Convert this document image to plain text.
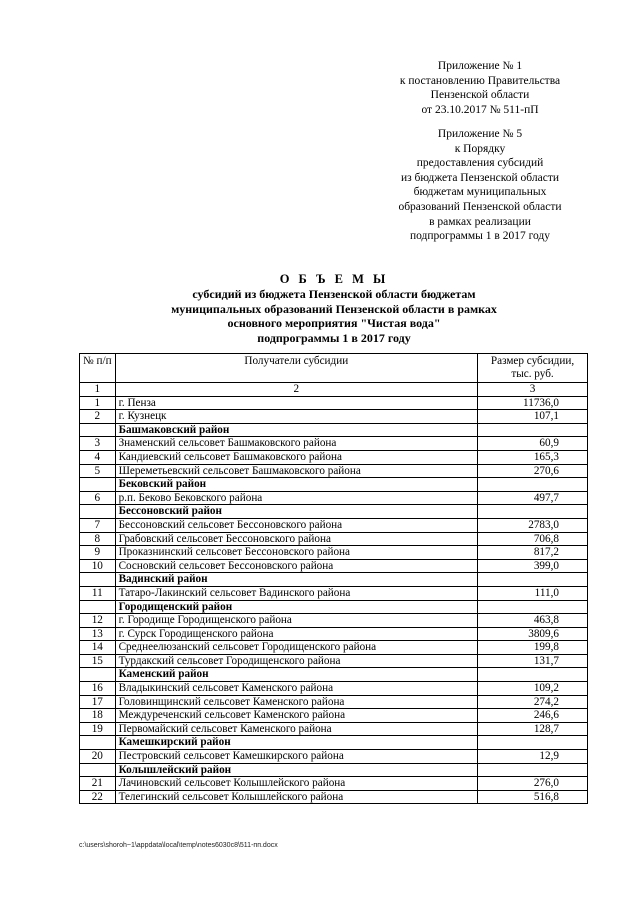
Приложение № 1
к постановлению Правительства
Пензенской области
от 23.10.2017 № 511-пП
Приложение № 5
к Порядку
предоставления субсидий
из бюджета Пензенской области
бюджетам муниципальных
образований Пензенской области
в рамках реализации
подпрограммы 1 в 2017 году
О Б Ъ Е М Ы
субсидий из бюджета Пензенской области бюджетам
муниципальных образований Пензенской области в рамках
основного мероприятия "Чистая вода"
подпрограммы 1 в 2017 году
№ п/п	Получатели субсидии	Размер субсидии, тыс. руб.
1	2	3
1	г. Пенза	11736,0
2	г. Кузнецк	107,1
	Башмаковский район	
3	Знаменский сельсовет Башмаковского района	60,9
4	Кандиевский сельсовет Башмаковского района	165,3
5	Шереметьевский сельсовет Башмаковского района	270,6
	Бековский район	
6	р.п. Беково Бековского района	497,7
	Бессоновский район	
7	Бессоновский сельсовет Бессоновского района	2783,0
8	Грабовский сельсовет Бессоновского района	706,8
9	Проказнинский сельсовет Бессоновского района	817,2
10	Сосновский сельсовет Бессоновского района	399,0
	Вадинский район	
11	Татаро-Лакинский сельсовет Вадинского района	111,0
	Городищенский район	
12	г. Городище Городищенского района	463,8
13	г. Сурск Городищенского района	3809,6
14	Среднеелюзанский сельсовет Городищенского района	199,8
15	Турдакский сельсовет Городищенского района	131,7
	Каменский район	
16	Владыкинский сельсовет Каменского района	109,2
17	Головинщинский сельсовет Каменского района	274,2
18	Междуреченский сельсовет Каменского района	246,6
19	Первомайский сельсовет Каменского района	128,7
	Камешкирский район	
20	Пестровский сельсовет Камешкирского района	12,9
	Колышлейский район	
21	Лачиновский сельсовет Колышлейского района	276,0
22	Телегинский сельсовет Колышлейского района	516,8
c:\users\shoroh~1\appdata\local\temp\notes6030c8\511-пп.docx
